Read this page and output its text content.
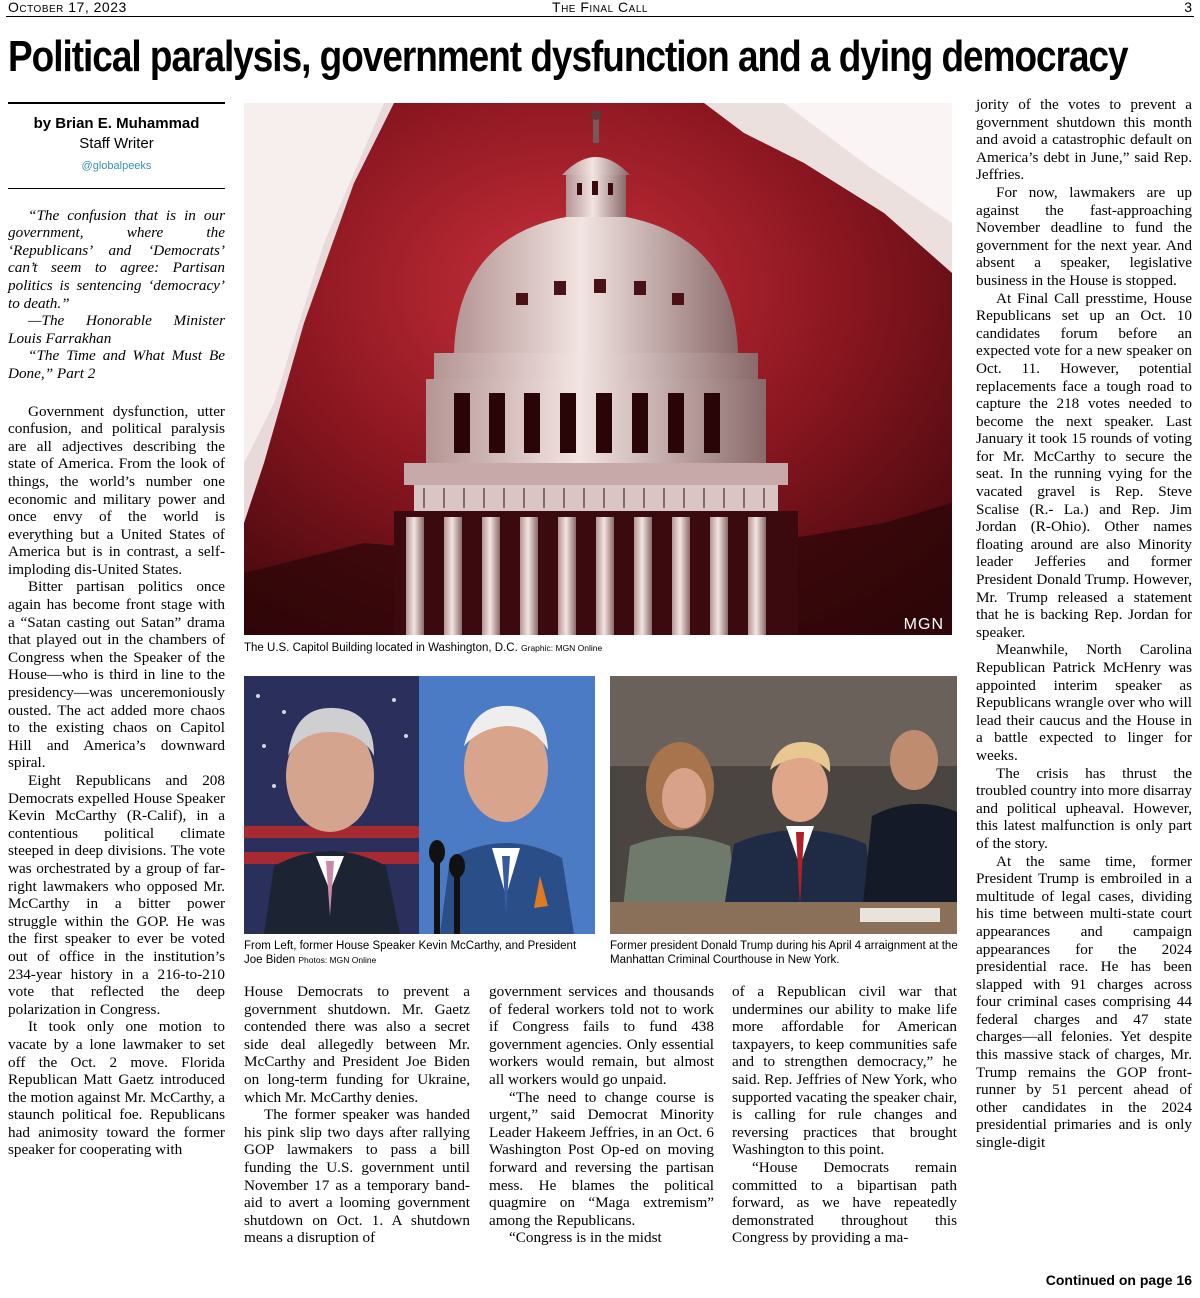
October 17, 2023	The Final Call	3
Political paralysis, government dysfunction and a dying democracy
by Brian E. Muhammad
Staff Writer
@globalpeeks

“The confusion that is in our government, where the ‘Republicans’ and ‘Democrats’ can’t seem to agree: Partisan politics is sentencing ‘democracy’ to death.”

—The Honorable Minister Louis Farrakhan

“The Time and What Must Be Done,” Part 2

Government dysfunction, utter confusion, and political paralysis are all adjectives describing the state of America. From the look of things, the world’s number one economic and military power and once envy of the world is everything but a United States of America but is in contrast, a self-imploding dis-United States.

Bitter partisan politics once again has become front stage with a “Satan casting out Satan” drama that played out in the chambers of Congress when the Speaker of the House—who is third in line to the presidency—was unceremoniously ousted. The act added more chaos to the existing chaos on Capitol Hill and America’s downward spiral.

Eight Republicans and 208 Democrats expelled House Speaker Kevin McCarthy (R-Calif), in a contentious political climate steeped in deep divisions. The vote was orchestrated by a group of far-right lawmakers who opposed Mr. McCarthy in a bitter power struggle within the GOP. He was the first speaker to ever be voted out of office in the institution’s 234-year history in a 216-to-210 vote that reflected the deep polarization in Congress.

It took only one motion to vacate by a lone lawmaker to set off the Oct. 2 move. Florida Republican Matt Gaetz introduced the motion against Mr. McCarthy, a staunch political foe. Republicans had animosity toward the former speaker for cooperating with

MGN
The U.S. Capitol Building located in Washington, D.C. Graphic: MGN Online
From Left, former House Speaker Kevin McCarthy, and President Joe Biden Photos: MGN Online
Former president Donald Trump during his April 4 arraignment at the Manhattan Criminal Courthouse in New York.

House Democrats to prevent a government shutdown. Mr. Gaetz contended there was also a secret side deal allegedly between Mr. McCarthy and President Joe Biden on long-term funding for Ukraine, which Mr. McCarthy denies.

The former speaker was handed his pink slip two days after rallying GOP lawmakers to pass a bill funding the U.S. government until November 17 as a temporary band-aid to avert a looming government shutdown on Oct. 1. A shutdown means a disruption of

government services and thousands of federal workers told not to work if Congress fails to fund 438 government agencies. Only essential workers would remain, but almost all workers would go unpaid.

“The need to change course is urgent,” said Democrat Minority Leader Hakeem Jeffries, in an Oct. 6 Washington Post Op-ed on moving forward and reversing the partisan mess. He blames the political quagmire on “Maga extremism” among the Republicans.

“Congress is in the midst

of a Republican civil war that undermines our ability to make life more affordable for American taxpayers, to keep communities safe and to strengthen democracy,” he said. Rep. Jeffries of New York, who supported vacating the speaker chair, is calling for rule changes and reversing practices that brought Washington to this point.

“House Democrats remain committed to a bipartisan path forward, as we have repeatedly demonstrated throughout this Congress by providing a ma-

jority of the votes to prevent a government shutdown this month and avoid a catastrophic default on America’s debt in June,” said Rep. Jeffries.

For now, lawmakers are up against the fast-approaching November deadline to fund the government for the next year. And absent a speaker, legislative business in the House is stopped.

At Final Call presstime, House Republicans set up an Oct. 10 candidates forum before an expected vote for a new speaker on Oct. 11. However, potential replacements face a tough road to capture the 218 votes needed to become the next speaker. Last January it took 15 rounds of voting for Mr. McCarthy to secure the seat. In the running vying for the vacated gravel is Rep. Steve Scalise (R.- La.) and Rep. Jim Jordan (R-Ohio). Other names floating around are also Minority leader Jefferies and former President Donald Trump. However, Mr. Trump released a statement that he is backing Rep. Jordan for speaker.

Meanwhile, North Carolina Republican Patrick McHenry was appointed interim speaker as Republicans wrangle over who will lead their caucus and the House in a battle expected to linger for weeks.

The crisis has thrust the troubled country into more disarray and political upheaval. However, this latest malfunction is only part of the story.

At the same time, former President Trump is embroiled in a multitude of legal cases, dividing his time between multi-state court appearances and campaign appearances for the 2024 presidential race. He has been slapped with 91 charges across four criminal cases comprising 44 federal charges and 47 state charges—all felonies. Yet despite this massive stack of charges, Mr. Trump remains the GOP front-runner by 51 percent ahead of other candidates in the 2024 presidential primaries and is only single-digit

Continued on page 16
